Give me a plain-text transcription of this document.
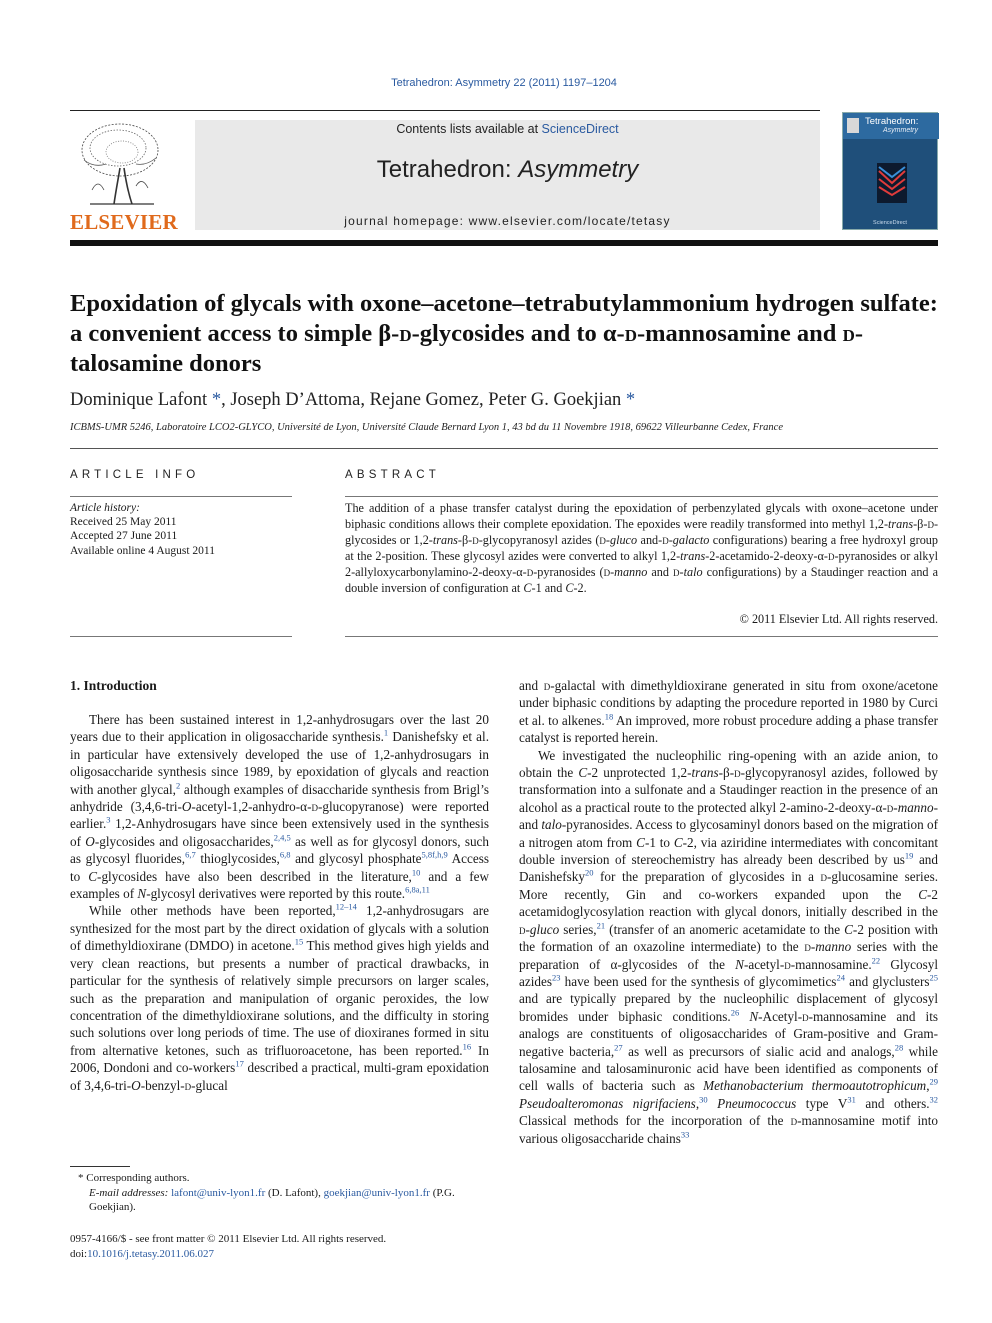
Tetrahedron: Asymmetry 22 (2011) 1197–1204
ELSEVIER
Contents lists available at ScienceDirect
Tetrahedron: Asymmetry
journal homepage: www.elsevier.com/locate/tetasy
Tetrahedron:
Asymmetry
ScienceDirect
Epoxidation of glycals with oxone–acetone–tetrabutylammonium hydrogen sulfate: a convenient access to simple β-d-glycosides and to α-d-mannosamine and d-talosamine donors
Dominique Lafont *, Joseph D’Attoma, Rejane Gomez, Peter G. Goekjian *
ICBMS-UMR 5246, Laboratoire LCO2-GLYCO, Université de Lyon, Université Claude Bernard Lyon 1, 43 bd du 11 Novembre 1918, 69622 Villeurbanne Cedex, France
ARTICLE INFO
Article history:
Received 25 May 2011
Accepted 27 June 2011
Available online 4 August 2011
ABSTRACT
The addition of a phase transfer catalyst during the epoxidation of perbenzylated glycals with oxone–acetone under biphasic conditions allows their complete epoxidation. The epoxides were readily transformed into methyl 1,2-trans-β-d-glycosides or 1,2-trans-β-d-glycopyranosyl azides (d-gluco and-d-galacto configurations) bearing a free hydroxyl group at the 2-position. These glycosyl azides were converted to alkyl 1,2-trans-2-acetamido-2-deoxy-α-d-pyranosides or alkyl 2-allyloxycarbonylamino-2-deoxy-α-d-pyranosides (d-manno and d-talo configurations) by a Staudinger reaction and a double inversion of configuration at C-1 and C-2.
© 2011 Elsevier Ltd. All rights reserved.
1. Introduction

There has been sustained interest in 1,2-anhydrosugars over the last 20 years due to their application in oligosaccharide synthesis.$^1$ Danishefsky et al. in particular have extensively developed the use of 1,2-anhydrosugars in oligosaccharide synthesis since 1989, by epoxidation of glycals and reaction with another glycal,$^2$ although examples of disaccharide synthesis from Brigl’s anhydride (3,4,6-tri-O-acetyl-1,2-anhydro-α-d-glucopyranose) were reported earlier.$^3$ 1,2-Anhydrosugars have since been extensively used in the synthesis of O-glycosides and oligosaccharides,$^{2,4,5}$ as well as for glycosyl donors, such as glycosyl fluorides,$^{6,7}$ thioglycosides,$^{6,8}$ and glycosyl phosphate$^{5,8f,h,9}$ Access to C-glycosides have also been described in the literature,$^{10}$ and a few examples of N-glycosyl derivatives were reported by this route.$^{6,8a,11}$

While other methods have been reported,$^{12-14}$ 1,2-anhydrosugars are synthesized for the most part by the direct oxidation of glycals with a solution of dimethyldioxirane (DMDO) in acetone.$^{15}$ This method gives high yields and very clean reactions, but presents a number of practical drawbacks, in particular for the synthesis of relatively simple precursors on larger scales, such as the preparation and manipulation of organic peroxides, the low concentration of the dimethyldioxirane solutions, and the difficulty in storing such solutions over long periods of time. The use of dioxiranes formed in situ from alternative ketones, such as trifluoroacetone, has been reported.$^{16}$ In 2006, Dondoni and co-workers$^{17}$ described a practical, multi-gram epoxidation of 3,4,6-tri-O-benzyl-d-glucal

and d-galactal with dimethyldioxirane generated in situ from oxone/acetone under biphasic conditions by adapting the procedure reported in 1980 by Curci et al. to alkenes.$^{18}$ An improved, more robust procedure adding a phase transfer catalyst is reported herein.

We investigated the nucleophilic ring-opening with an azide anion, to obtain the C-2 unprotected 1,2-trans-β-d-glycopyranosyl azides, followed by transformation into a sulfonate and a Staudinger reaction in the presence of an alcohol as a practical route to the protected alkyl 2-amino-2-deoxy-α-d-manno- and talo-pyranosides. Access to glycosaminyl donors based on the migration of a nitrogen atom from C-1 to C-2, via aziridine intermediates with concomitant double inversion of stereochemistry has already been described by $us^{19}$ and Danishefsky$^{20}$ for the preparation of glycosides in a d-glucosamine series. More recently, Gin and co-workers expanded upon the C-2 acetamidoglycosylation reaction with glycal donors, initially described in the d-gluco series,$^{21}$ (transfer of an anomeric acetamidate to the C-2 position with the formation of an oxazoline intermediate) to the d-manno series with the preparation of α-glycosides of the N-acetyl-d-mannosamine.$^{22}$ Glycosyl azides$^{23}$ have been used for the synthesis of glycomimetics$^{24}$ and glyclusters$^{25}$ and are typically prepared by the nucleophilic displacement of glycosyl bromides under biphasic conditions.$^{26}$ N-Acetyl-d-mannosamine and its analogs are constituents of oligosaccharides of Gram-positive and Gram-negative bacteria,$^{27}$ as well as precursors of sialic acid and analogs,$^{28}$ while talosamine and talosaminuronic acid have been identified as components of cell walls of bacteria such as Methanobacterium thermoautotrophicum,$^{29}$ Pseudoalteromonas nigrifaciens,$^{30}$ Pneumococcus type $V^{31}$ and others.$^{32}$ Classical methods for the incorporation of the d-mannosamine motif into various oligosaccharide chains$^{33}$

* Corresponding authors.
E-mail addresses: lafont@univ-lyon1.fr (D. Lafont), goekjian@univ-lyon1.fr (P.G. Goekjian).
0957-4166/$ - see front matter © 2011 Elsevier Ltd. All rights reserved.
doi:10.1016/j.tetasy.2011.06.027
